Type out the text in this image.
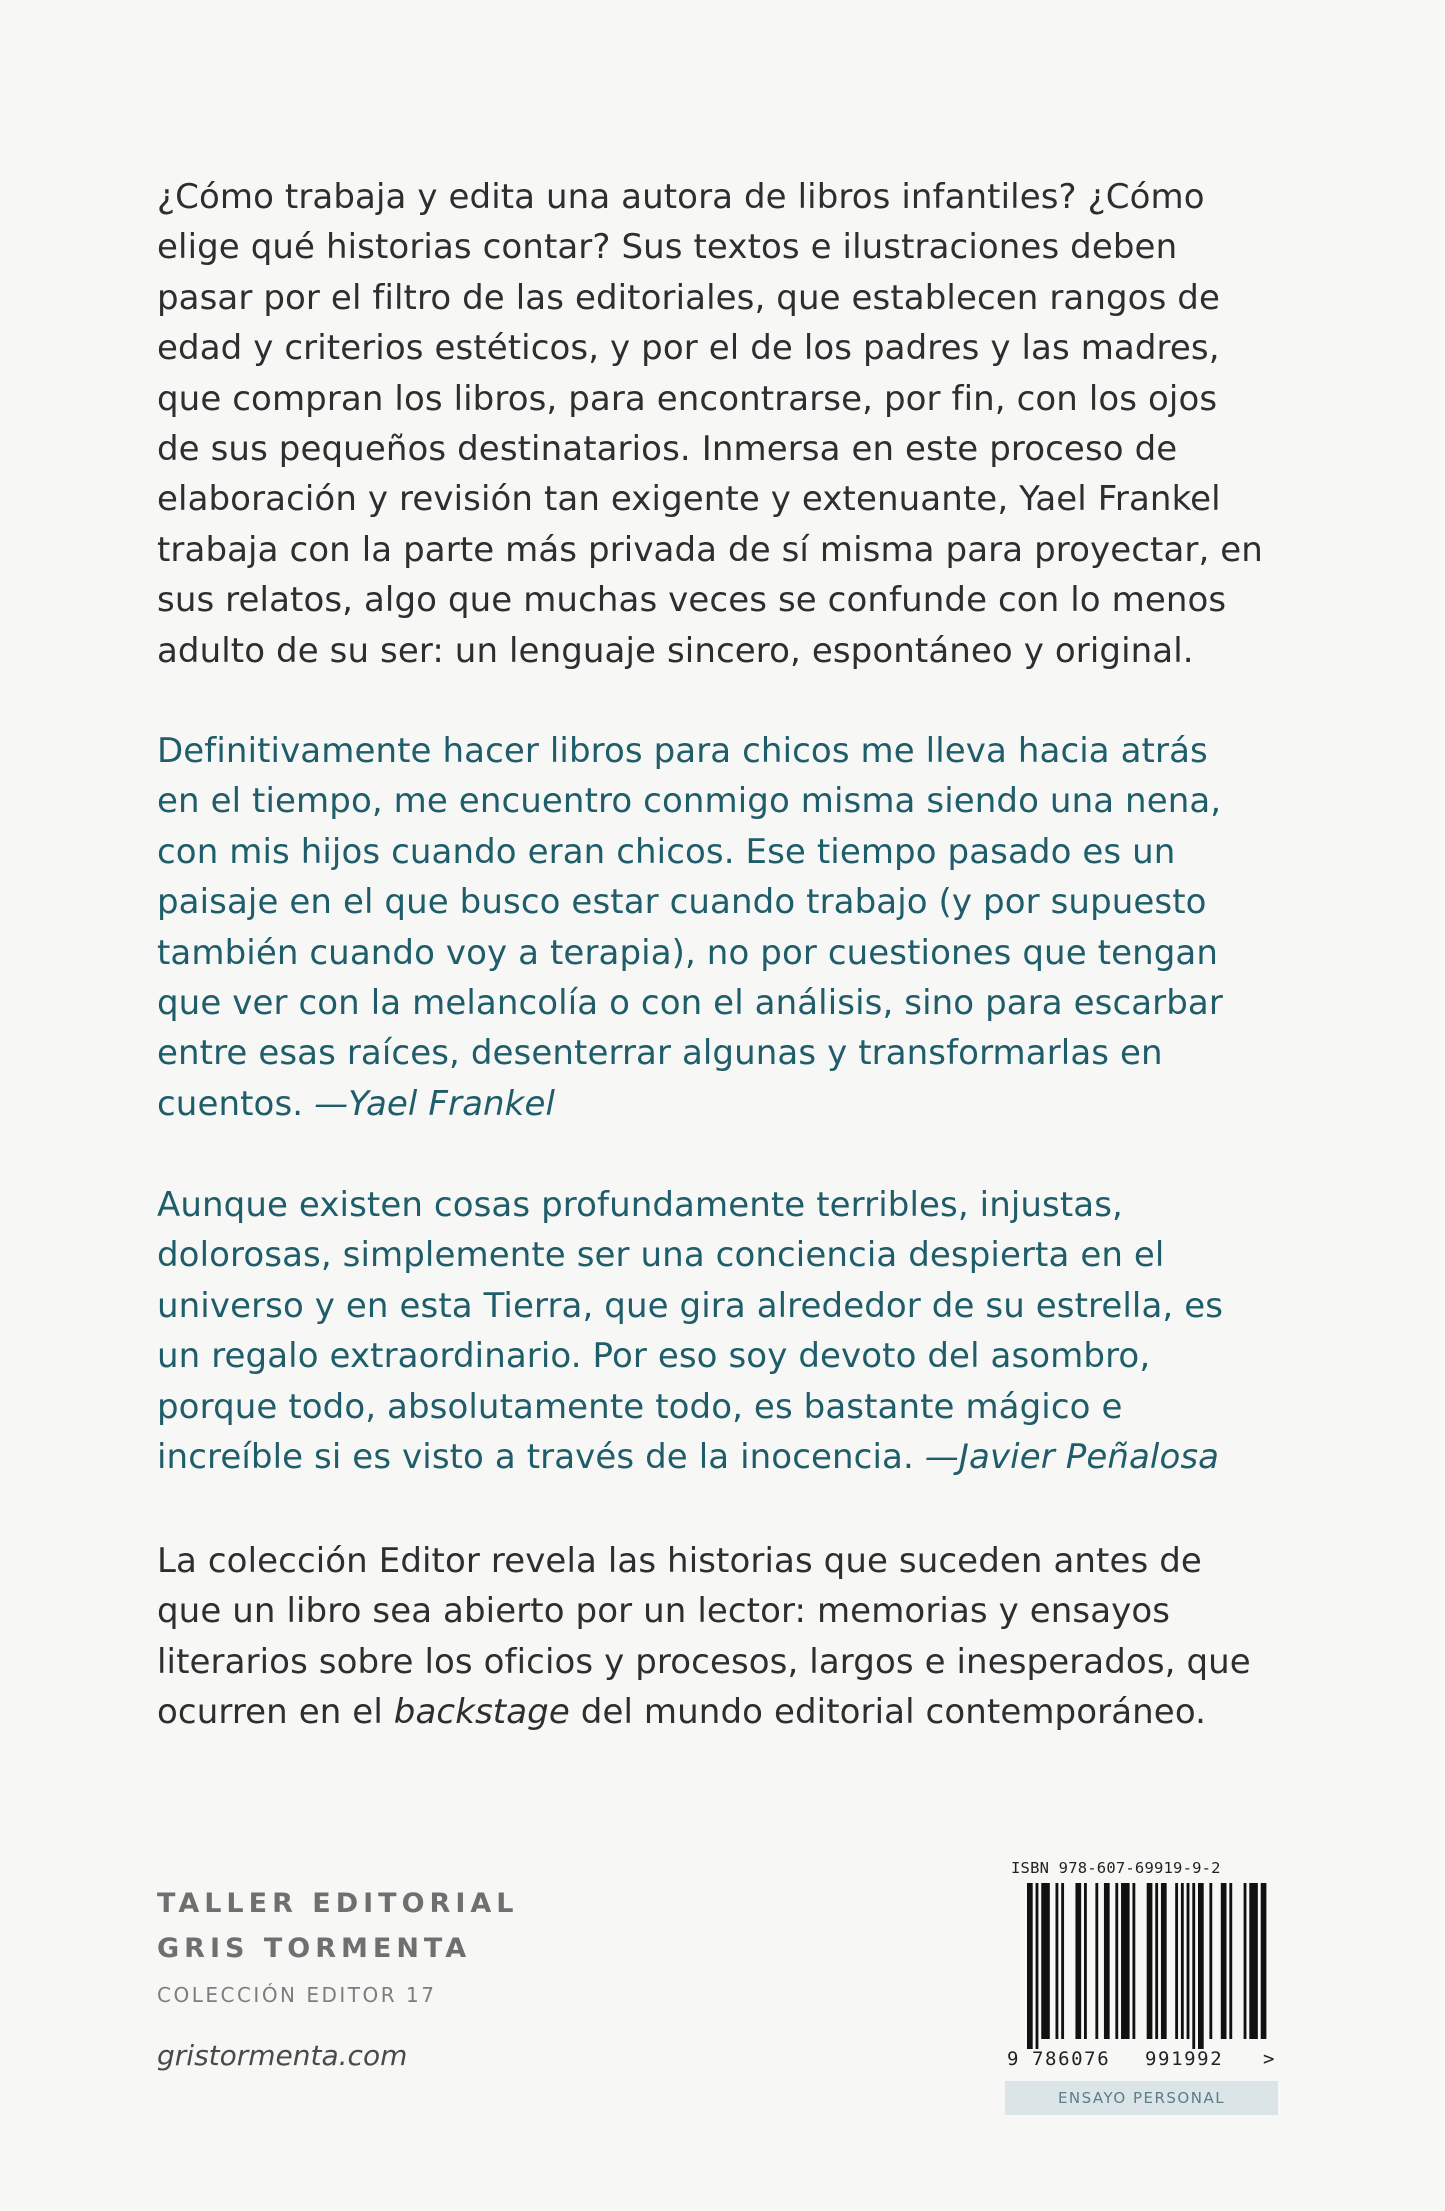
¿Cómo trabaja y edita una autora de libros infantiles? ¿Cómo
elige qué historias contar? Sus textos e ilustraciones deben
pasar por el filtro de las editoriales, que establecen rangos de
edad y criterios estéticos, y por el de los padres y las madres,
que compran los libros, para encontrarse, por fin, con los ojos
de sus pequeños destinatarios. Inmersa en este proceso de
elaboración y revisión tan exigente y extenuante, Yael Frankel
trabaja con la parte más privada de sí misma para proyectar, en
sus relatos, algo que muchas veces se confunde con lo menos
adulto de su ser: un lenguaje sincero, espontáneo y original.

Definitivamente hacer libros para chicos me lleva hacia atrás
en el tiempo, me encuentro conmigo misma siendo una nena,
con mis hijos cuando eran chicos. Ese tiempo pasado es un
paisaje en el que busco estar cuando trabajo (y por supuesto
también cuando voy a terapia), no por cuestiones que tengan
que ver con la melancolía o con el análisis, sino para escarbar
entre esas raíces, desenterrar algunas y transformarlas en
cuentos. —Yael Frankel

Aunque existen cosas profundamente terribles, injustas,
dolorosas, simplemente ser una conciencia despierta en el
universo y en esta Tierra, que gira alrededor de su estrella, es
un regalo extraordinario. Por eso soy devoto del asombro,
porque todo, absolutamente todo, es bastante mágico e
increíble si es visto a través de la inocencia. —Javier Peñalosa

La colección Editor revela las historias que suceden antes de
que un libro sea abierto por un lector: memorias y ensayos
literarios sobre los oficios y procesos, largos e inesperados, que
ocurren en el backstage del mundo editorial contemporáneo.

TALLER EDITORIAL

GRIS TORMENTA

COLECCIÓN EDITOR 17

gristormenta.com

ISBN 978-607-69919-9-2

9 786076 991992 >
ENSAYO PERSONAL
